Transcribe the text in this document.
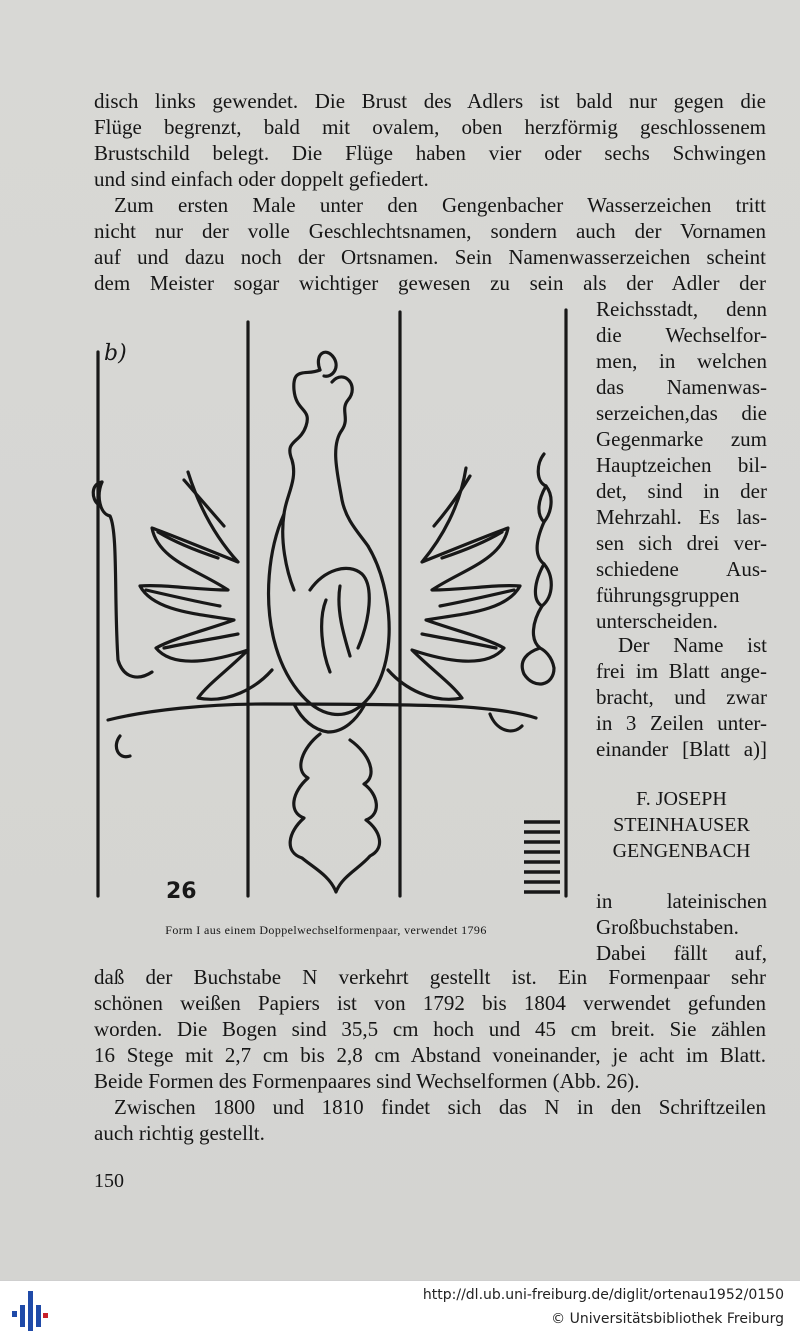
disch links gewendet. Die Brust des Adlers ist bald nur gegen die
Flüge begrenzt, bald mit ovalem, oben herzförmig geschlossenem
Brustschild belegt. Die Flüge haben vier oder sechs Schwingen
und sind einfach oder doppelt gefiedert.
Zum ersten Male unter den Gengenbacher Wasserzeichen tritt
nicht nur der volle Geschlechtsnamen, sondern auch der Vornamen
auf und dazu noch der Ortsnamen. Sein Namenwasserzeichen scheint
dem Meister sogar wichtiger gewesen zu sein als der Adler der
Reichsstadt, denn
die Wechselfor-
men, in welchen
das Namenwas-
serzeichen,das die
Gegenmarke zum
Hauptzeichen bil-
det, sind in der
Mehrzahl. Es las-
sen sich drei ver-
schiedene Aus-
führungsgruppen
unterscheiden.
Der Name ist
frei im Blatt ange-
bracht, und zwar
in 3 Zeilen unter-
einander [Blatt a)]
F. JOSEPH
STEINHAUSER
GENGENBACH
in lateinischen
Großbuchstaben.
Dabei fällt auf,
daß der Buchstabe N verkehrt gestellt ist. Ein Formenpaar sehr
schönen weißen Papiers ist von 1792 bis 1804 verwendet gefunden
worden. Die Bogen sind 35,5 cm hoch und 45 cm breit. Sie zählen
16 Stege mit 2,7 cm bis 2,8 cm Abstand voneinander, je acht im Blatt.
Beide Formen des Formenpaares sind Wechselformen (Abb. 26).
Zwischen 1800 und 1810 findet sich das N in den Schriftzeilen
auch richtig gestellt.
b)
26
Form I aus einem Doppelwechselformenpaar, verwendet 1796
150
http://dl.ub.uni-freiburg.de/diglit/ortenau1952/0150
© Universitätsbibliothek Freiburg
